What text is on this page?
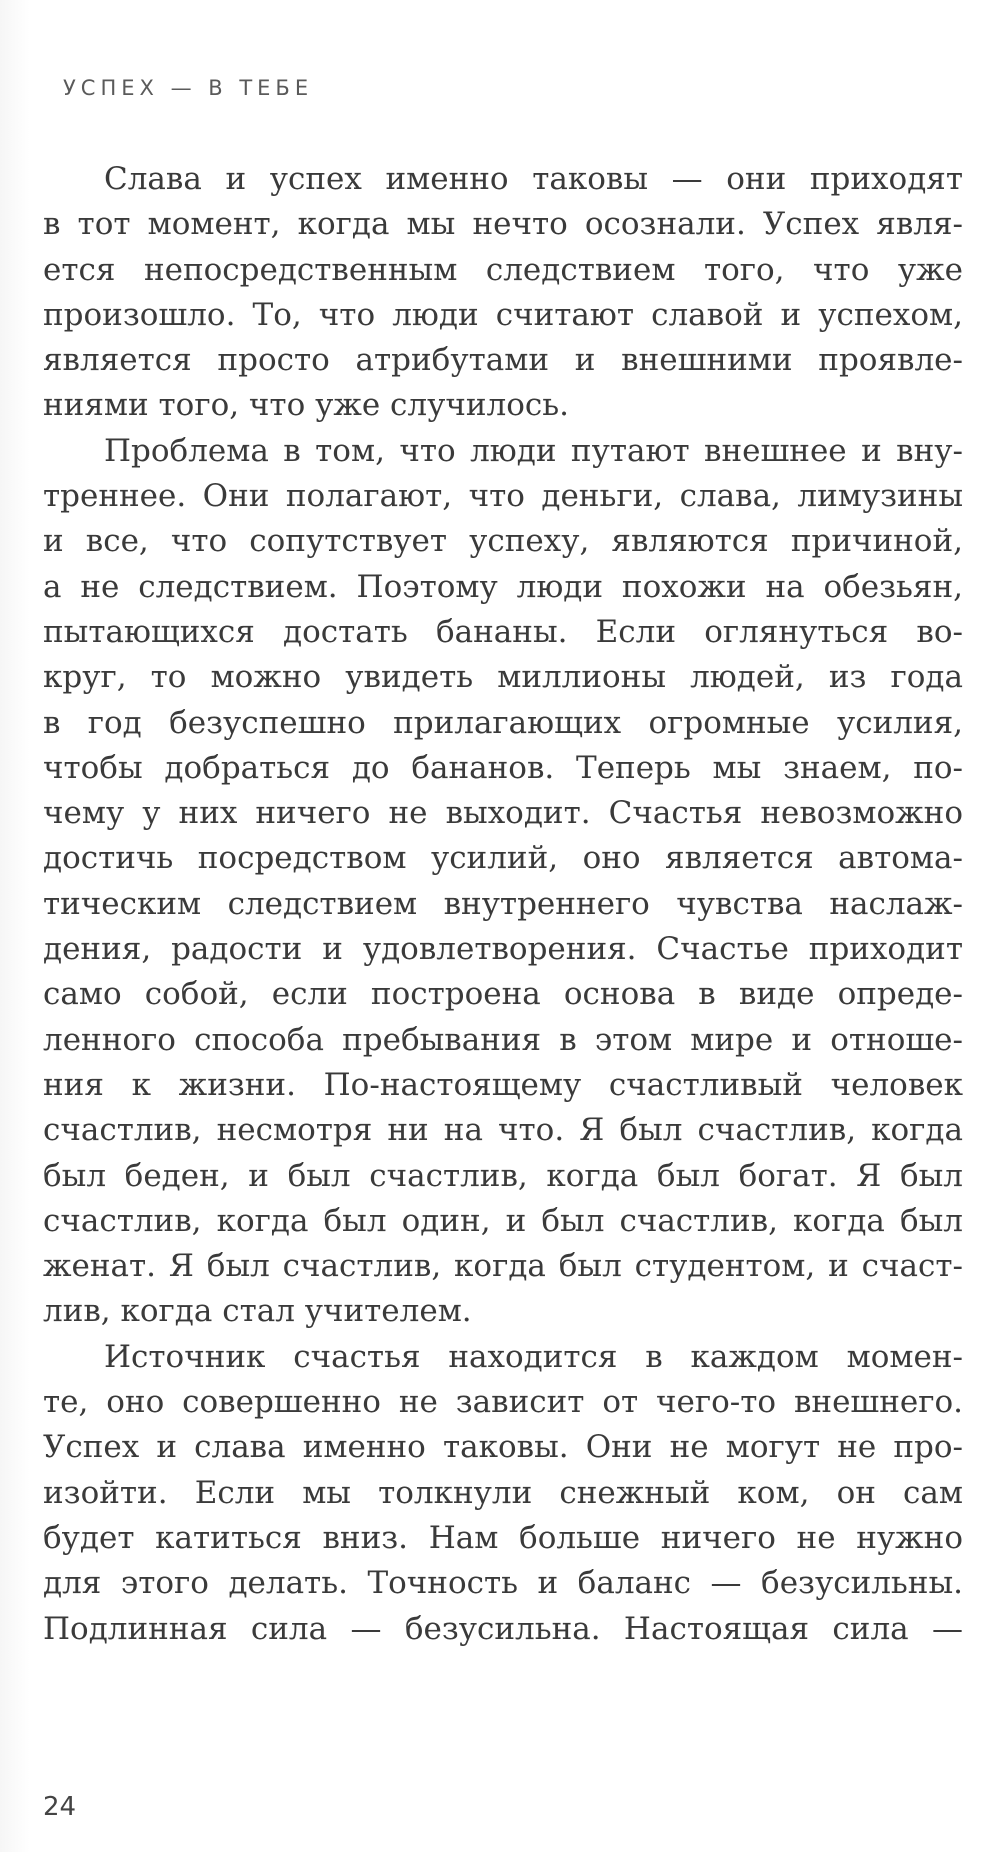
УСПЕХ — В ТЕБЕ
Слава и успех именно таковы — они приходят
в тот момент, когда мы нечто осознали. Успех явля-
ется непосредственным следствием того, что уже
произошло. То, что люди считают славой и успехом,
является просто атрибутами и внешними проявле-
ниями того, что уже случилось.
Проблема в том, что люди путают внешнее и вну-
треннее. Они полагают, что деньги, слава, лимузины
и все, что сопутствует успеху, являются причиной,
а не следствием. Поэтому люди похожи на обезьян,
пытающихся достать бананы. Если оглянуться во-
круг, то можно увидеть миллионы людей, из года
в год безуспешно прилагающих огромные усилия,
чтобы добраться до бананов. Теперь мы знаем, по-
чему у них ничего не выходит. Счастья невозможно
достичь посредством усилий, оно является автома-
тическим следствием внутреннего чувства наслаж-
дения, радости и удовлетворения. Счастье приходит
само собой, если построена основа в виде опреде-
ленного способа пребывания в этом мире и отноше-
ния к жизни. По-настоящему счастливый человек
счастлив, несмотря ни на что. Я был счастлив, когда
был беден, и был счастлив, когда был богат. Я был
счастлив, когда был один, и был счастлив, когда был
женат. Я был счастлив, когда был студентом, и счаст-
лив, когда стал учителем.
Источник счастья находится в каждом момен-
те, оно совершенно не зависит от чего-то внешнего.
Успех и слава именно таковы. Они не могут не про-
изойти. Если мы толкнули снежный ком, он сам
будет катиться вниз. Нам больше ничего не нужно
для этого делать. Точность и баланс — безусильны.
Подлинная сила — безусильна. Настоящая сила —
24
